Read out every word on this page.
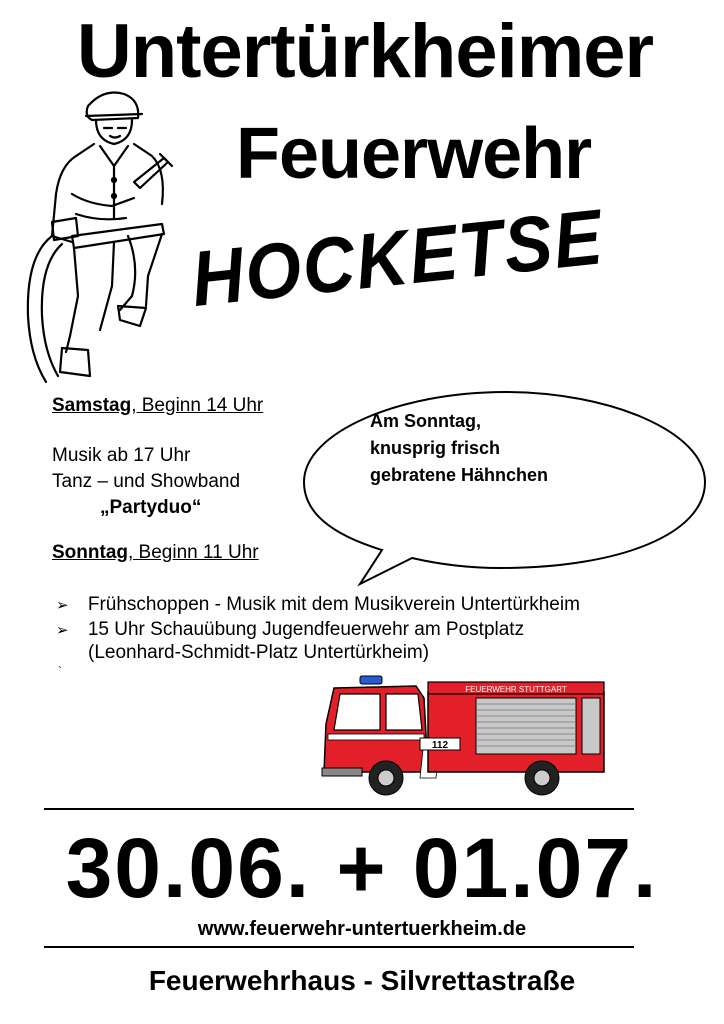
Untertürkheimer
Feuerwehr
HOCKETSE
Samstag, Beginn 14 Uhr
Musik ab 17 Uhr
Tanz – und Showband
„Partyduo“
Sonntag, Beginn 11 Uhr
➢ Frühschoppen - Musik mit dem Musikverein Untertürkheim
➢ 15 Uhr Schauübung Jugendfeuerwehr am Postplatz
(Leonhard-Schmidt-Platz Untertürkheim)
`
Am Sonntag,
knusprig frisch
gebratene Hähnchen
FEUERWEHR STUTTGART
112
30.06. + 01.07.
www.feuerwehr-untertuerkheim.de
Feuerwehrhaus - Silvrettastraße
